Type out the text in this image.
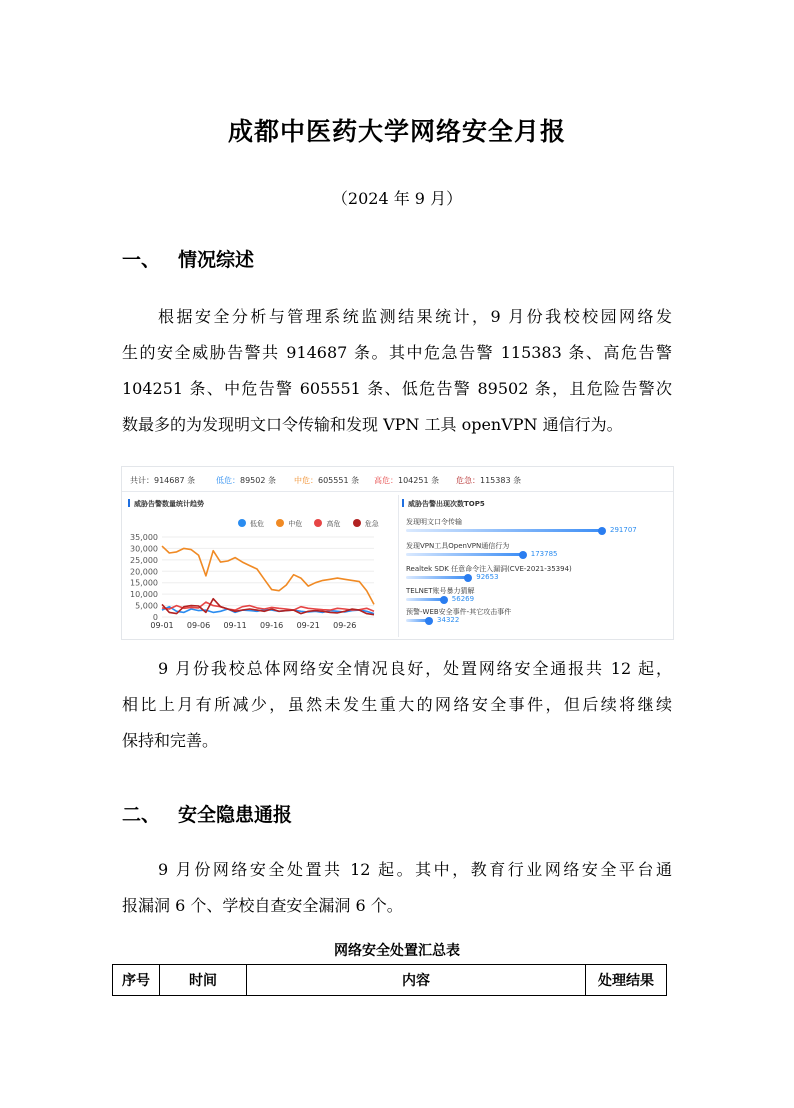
成都中医药大学网络安全月报
（2024 年 9 月）
一、 情况综述
根据安全分析与管理系统监测结果统计，9 月份我校校园网络发
生的安全威胁告警共 914687 条。其中危急告警 115383 条、高危告警
104251 条、中危告警 605551 条、低危告警 89502 条，且危险告警次
数最多的为发现明文口令传输和发现 VPN 工具 openVPN 通信行为。
共计：914687 条	低危：89502 条 中危：605551 条 高危：104251 条 危急：115383 条
威胁告警数量统计趋势
低危	中危	高危	危急
0
5,000
10,000
15,000
20,000
25,000
30,000
35,000
09-01 09-06 09-11 09-16 09-21 09-26
威胁告警出现次数TOP5
发现明文口令传输
291707
发现VPN工具OpenVPN通信行为
173785
Realtek SDK 任意命令注入漏洞(CVE-2021-35394)
92653
TELNET账号暴力猜解
56269
预警-WEB安全事件-其它攻击事件
34322
9 月份我校总体网络安全情况良好，处置网络安全通报共 12 起，
相比上月有所减少，虽然未发生重大的网络安全事件，但后续将继续
保持和完善。
二、 安全隐患通报
9 月份网络安全处置共 12 起。其中，教育行业网络安全平台通
报漏洞 6 个、学校自查安全漏洞 6 个。
网络安全处置汇总表
序号	时间	内容	处理结果
